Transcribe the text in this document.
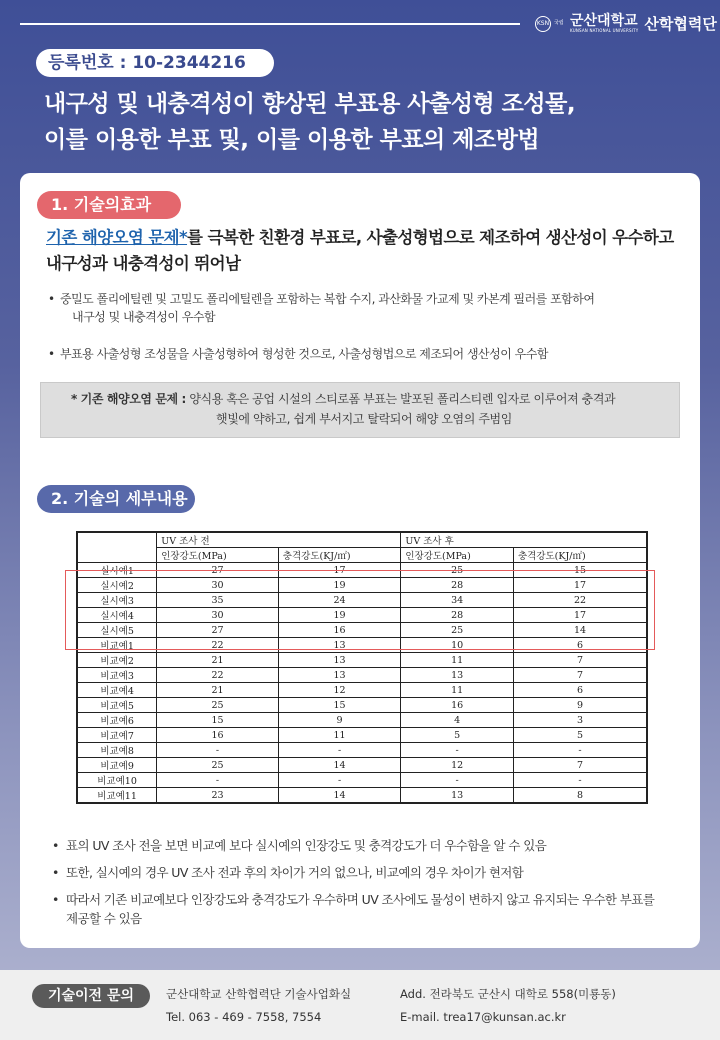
KSN 국립 군산대학교
KUNSAN NATIONAL UNIVERSITY 산학협력단
등록번호 : 10-2344216
내구성 및 내충격성이 향상된 부표용 사출성형 조성물,
이를 이용한 부표 및, 이를 이용한 부표의 제조방법
1. 기술의효과
기존 해양오염 문제*를 극복한 친환경 부표로, 사출성형법으로 제조하여 생산성이 우수하고 내구성과 내충격성이 뛰어남
• 중밀도 폴리에틸렌 및 고밀도 폴리에틸렌을 포함하는 복합 수지, 과산화물 가교제 및 카본계 필러를 포함하여
내구성 및 내충격성이 우수함
• 부표용 사출성형 조성물을 사출성형하여 형성한 것으로, 사출성형법으로 제조되어 생산성이 우수함
* 기존 해양오염 문제 : 양식용 혹은 공업 시설의 스티로폼 부표는 발포된 폴리스티렌 입자로 이루어져 충격과
햇빛에 약하고, 쉽게 부서지고 탈락되어 해양 오염의 주범임
2. 기술의 세부내용
	UV 조사 전		UV 조사 후	
	인장강도(MPa)	충격강도(KJ/㎡)	인장강도(MPa)	충격강도(KJ/㎡)
실시예1	27	17	25	15
실시예2	30	19	28	17
실시예3	35	24	34	22
실시예4	30	19	28	17
실시예5	27	16	25	14
비교예1	22	13	10	6
비교예2	21	13	11	7
비교예3	22	13	13	7
비교예4	21	12	11	6
비교예5	25	15	16	9
비교예6	15	9	4	3
비교예7	16	11	5	5
비교예8	-	-	-	-
비교예9	25	14	12	7
비교예10	-	-	-	-
비교예11	23	14	13	8
• 표의 UV 조사 전을 보면 비교예 보다 실시예의 인장강도 및 충격강도가 더 우수함을 알 수 있음
• 또한, 실시예의 경우 UV 조사 전과 후의 차이가 거의 없으나, 비교예의 경우 차이가 현저함
• 따라서 기존 비교예보다 인장강도와 충격강도가 우수하며 UV 조사에도 물성이 변하지 않고 유지되는 우수한 부표를
제공할 수 있음
기술이전 문의	군산대학교 산학협력단 기술사업화실
Tel. 063 - 469 - 7558, 7554
Add. 전라북도 군산시 대학로 558(미룡동)
E-mail. trea17@kunsan.ac.kr
